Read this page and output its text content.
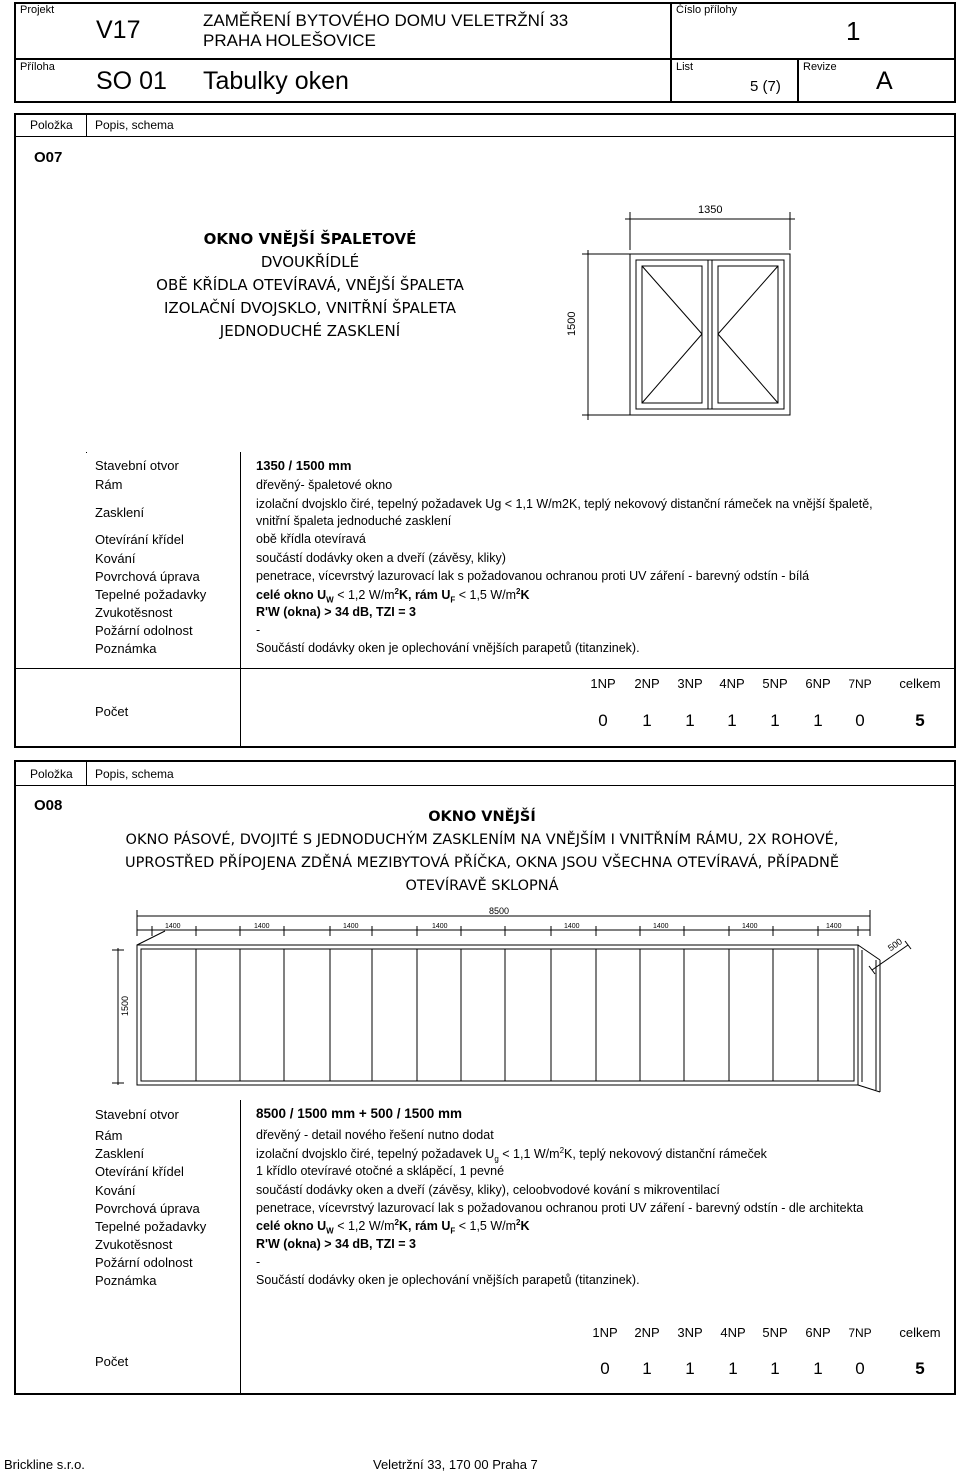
Projekt
V17	ZAMĚŘENÍ BYTOVÉHO DOMU VELETRŽNÍ 33
PRAHA HOLEŠOVICE
Číslo přílohy
1
Příloha SO 01 Tabulky oken	List
5 (7)
Revize A
Položka Popis, schema
O07
OKNO VNĚJŠÍ ŠPALETOVÉ
DVOUKŘÍDLÉ
OBĚ KŘÍDLA OTEVÍRAVÁ, VNĚJŠÍ ŠPALETA
IZOLAČNÍ DVOJSKLO, VNITŘNÍ ŠPALETA
JEDNODUCHÉ ZASKLENÍ
1350
1500
Stavební otvor	1350 / 1500 mm
Rám	dřevěný- špaletové okno
Zasklení
izolační dvojsklo čiré, tepelný požadavek Ug < 1,1 W/m2K, teplý nekovový distanční rámeček na vnější špaletě,
vnitřní špaleta jednoduché zasklení
Otevírání křídel	obě křídla otevíravá
Kování	součástí dodávky oken a dveří (závěsy, kliky)
Povrchová úprava	penetrace, vícevrstvý lazurovací lak s požadovanou ochranou proti UV záření - barevný odstín - bílá
Tepelné požadavky	celé okno $U_W < 1,2$ $W/m^2K$, rám $U_F < 1,5$ $W/m^2K$
Zvukotěsnost	R'W (okna) > 34 dB, TZI = 3
Požární odolnost	-
Poznámka	Součástí dodávky oken je oplechování vnějších parapetů (titanzinek).
Počet
1NP	2NP	3NP	4NP	5NP	6NP	7NP	celkem
0	1	1	1	1	1	0	5
Položka Popis, schema
O08
OKNO VNĚJŠÍ
OKNO PÁSOVÉ, DVOJITÉ S JEDNODUCHÝM ZASKLENÍM NA VNĚJŠÍM I VNITŘNÍM RÁMU, 2X ROHOVÉ,
UPROSTŘED PŘÍPOJENA ZDĚNÁ MEZIBYTOVÁ PŘÍČKA, OKNA JSOU VŠECHNA OTEVÍRAVÁ, PŘÍPADNĚ
OTEVÍRAVĚ SKLOPNÁ
8500
500
1500
1400	1400	1400	1400	1400	1400	1400	1400
Stavební otvor	8500 / 1500 mm + 500 / 1500 mm
Rám	dřevěný - detail nového řešení nutno dodat
Zasklení	izolační dvojsklo čiré, tepelný požadavek $U_g < 1,1$ $W/m^2K$, teplý nekovový distanční rámeček
Otevírání křídel	1 křídlo otevíravé otočné a sklápěcí, 1 pevné
Kování	součástí dodávky oken a dveří (závěsy, kliky), celoobvodové kování s mikroventilací
Povrchová úprava	penetrace, vícevrstvý lazurovací lak s požadovanou ochranou proti UV záření - barevný odstín - dle architekta
Tepelné požadavky	celé okno $U_W < 1,2$ $W/m^2K$, rám $U_F < 1,5$ $W/m^2K$
Zvukotěsnost	R'W (okna) > 34 dB, TZI = 3
Požární odolnost	-
Poznámka	Součástí dodávky oken je oplechování vnějších parapetů (titanzinek).
Počet
1NP	2NP	3NP	4NP	5NP	6NP	7NP	celkem
0	1	1	1	1	1	0	5
Brickline s.r.o.	Veletržní 33, 170 00 Praha 7
